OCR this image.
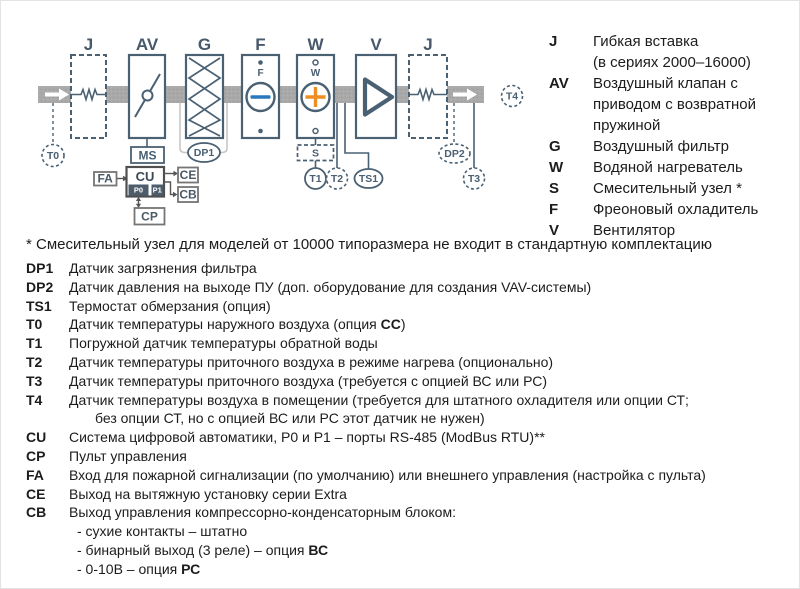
J	AV G	F W	V J
MS	DP1
F	W
S
T1 T2 TS1
T0	DP2
T3
T4
FA CU
P0 P1
CE
CB
CP
J	Гибкая вставка
(в сериях 2000–16000)
AV	Воздушный клапан с
приводом с возвратной
пружиной
G	Воздушный фильтр
W	Водяной нагреватель
S	Смесительный узел *
F	Фреоновый охладитель
V	Вентилятор
* Смесительный узел для моделей от 10000 типоразмера не входит в стандартную комплектацию
DP1	Датчик загрязнения фильтра
DP2	Датчик давления на выходе ПУ (доп. оборудование для создания VAV-системы)
TS1	Термостат обмерзания (опция)
T0	Датчик температуры наружного воздуха (опция СС)
T1	Погружной датчик температуры обратной воды
T2	Датчик температуры приточного воздуха в режиме нагрева (опционально)
T3	Датчик температуры приточного воздуха (требуется с опцией ВС или РС)
T4	Датчик температуры воздуха в помещении (требуется для штатного охладителя или опции СТ;
без опции СТ, но с опцией ВС или РС этот датчик не нужен)
CU	Система цифровой автоматики, P0 и P1 – порты RS-485 (ModBus RTU)**
CP	Пульт управления
FA	Вход для пожарной сигнализации (по умолчанию) или внешнего управления (настройка с пульта)
CE	Выход на вытяжную установку серии Extra
CB	Выход управления компрессорно-конденсаторным блоком:
- сухие контакты – штатно
- бинарный выход (3 реле) – опция ВС
- 0-10В – опция РС
